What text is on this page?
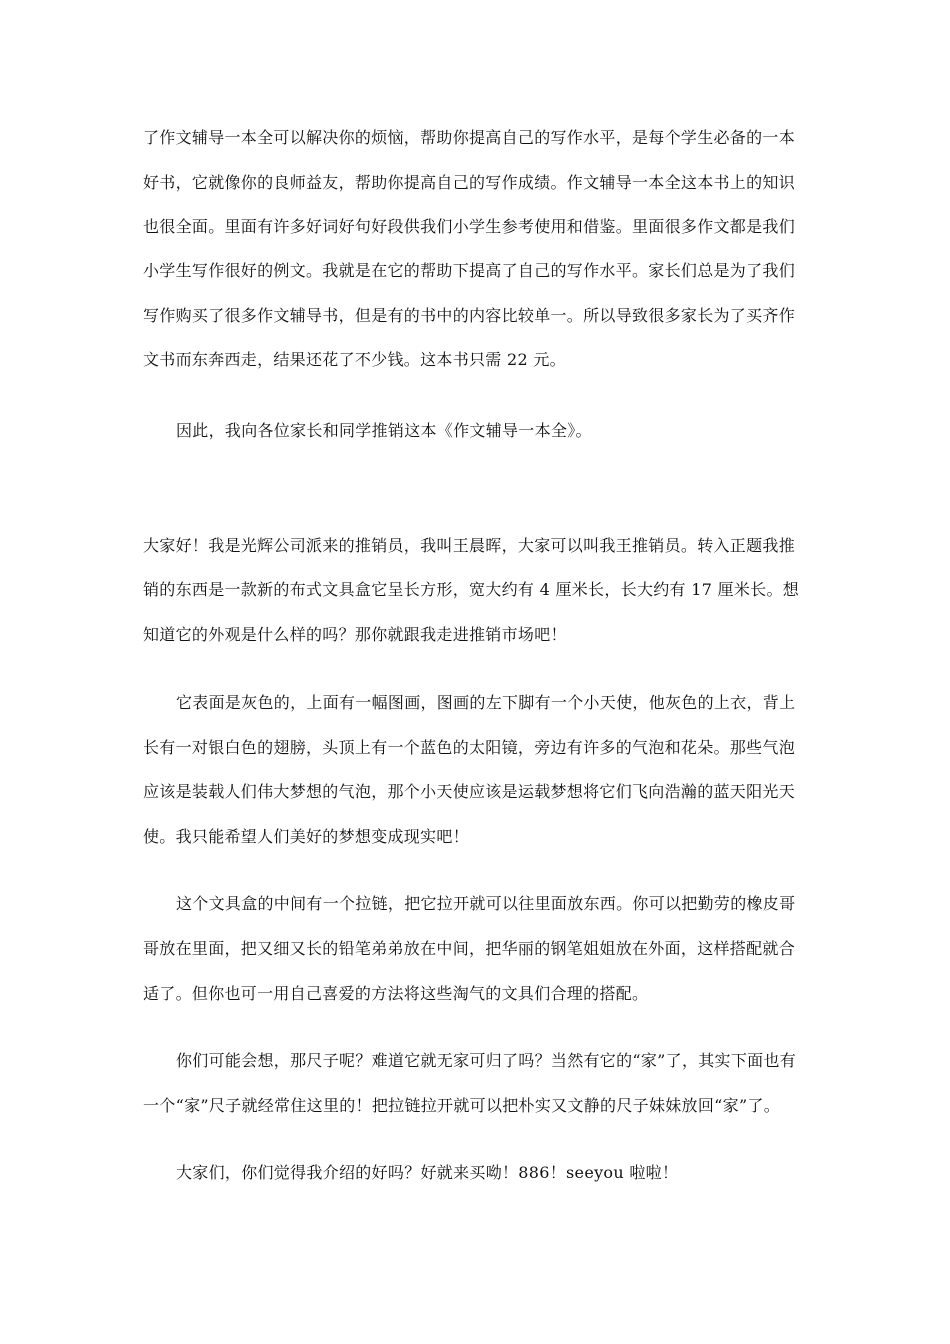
了作文辅导一本全可以解决你的烦恼，帮助你提高自己的写作水平，是每个学生必备的一本
好书，它就像你的良师益友，帮助你提高自己的写作成绩。作文辅导一本全这本书上的知识
也很全面。里面有许多好词好句好段供我们小学生参考使用和借鉴。里面很多作文都是我们
小学生写作很好的例文。我就是在它的帮助下提高了自己的写作水平。家长们总是为了我们
写作购买了很多作文辅导书，但是有的书中的内容比较单一。所以导致很多家长为了买齐作
文书而东奔西走，结果还花了不少钱。这本书只需 22 元。
因此，我向各位家长和同学推销这本《作文辅导一本全》。
大家好！我是光辉公司派来的推销员，我叫王晨晖，大家可以叫我王推销员。转入正题我推
销的东西是一款新的布式文具盒它呈长方形，宽大约有 4 厘米长，长大约有 17 厘米长。想
知道它的外观是什么样的吗？那你就跟我走进推销市场吧！
它表面是灰色的，上面有一幅图画，图画的左下脚有一个小天使，他灰色的上衣，背上
长有一对银白色的翅膀，头顶上有一个蓝色的太阳镜，旁边有许多的气泡和花朵。那些气泡
应该是装载人们伟大梦想的气泡，那个小天使应该是运载梦想将它们飞向浩瀚的蓝天阳光天
使。我只能希望人们美好的梦想变成现实吧！
这个文具盒的中间有一个拉链，把它拉开就可以往里面放东西。你可以把勤劳的橡皮哥
哥放在里面，把又细又长的铅笔弟弟放在中间，把华丽的钢笔姐姐放在外面，这样搭配就合
适了。但你也可一用自己喜爱的方法将这些淘气的文具们合理的搭配。
你们可能会想，那尺子呢？难道它就无家可归了吗？当然有它的“家”了，其实下面也有
一个“家”尺子就经常住这里的！把拉链拉开就可以把朴实又文静的尺子妹妹放回“家”了。
大家们，你们觉得我介绍的好吗？好就来买呦！886！seeyou 啦啦！
